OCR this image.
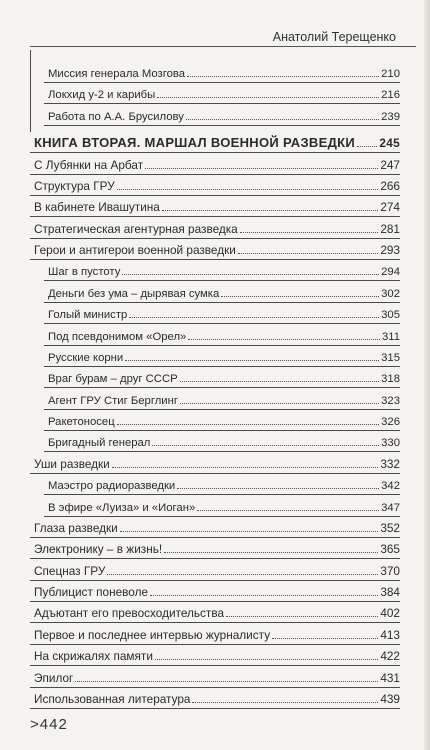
Анатолий Терещенко
Миссия генерала Мозгова	210
Локхид у-2 и карибы	216
Работа по А.А. Брусилову	239
КНИГА ВТОРАЯ. МАРШАЛ ВОЕННОЙ РАЗВЕДКИ 245
С Лубянки на Арбат	247
Структура ГРУ	266
В кабинете Ивашутина	274
Стратегическая агентурная разведка	281
Герои и антигерои военной разведки	293
Шаг в пустоту	294
Деньги без ума – дырявая сумка	302
Голый министр	305
Под псевдонимом «Орел»	311
Русские корни	315
Враг бурам – друг СССР	318
Агент ГРУ Стиг Берглинг	323
Ракетоносец	326
Бригадный генерал	330
Уши разведки	332
Маэстро радиоразведки	342
В эфире «Луиза» и «Иоган»	347
Глаза разведки	352
Электронику – в жизнь!	365
Спецназ ГРУ	370
Публицист поневоле	384
Адъютант его превосходительства	402
Первое и последнее интервью журналисту	413
На скрижалях памяти	422
Эпилог	431
Использованная литература	439
>442
